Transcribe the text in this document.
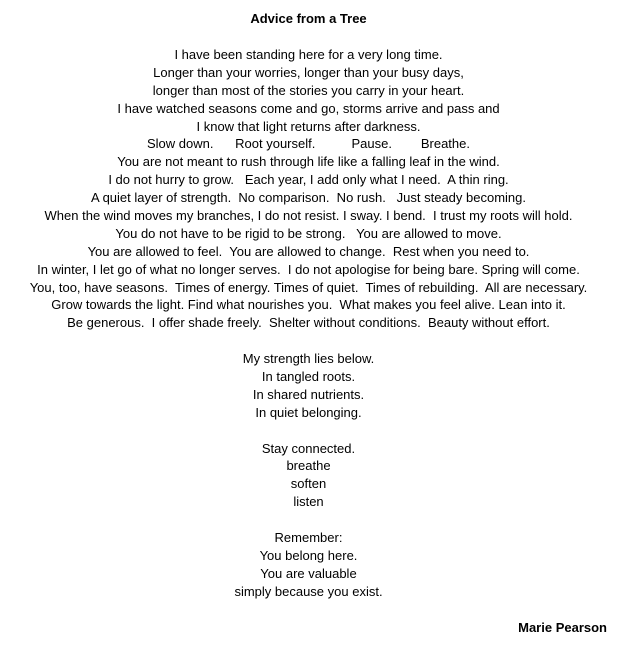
Advice from a Tree
I have been standing here for a very long time.
Longer than your worries, longer than your busy days,
longer than most of the stories you carry in your heart.
I have watched seasons come and go, storms arrive and pass and
I know that light returns after darkness.
Slow down.      Root yourself.          Pause.        Breathe.
You are not meant to rush through life like a falling leaf in the wind.
I do not hurry to grow.   Each year, I add only what I need.  A thin ring.
A quiet layer of strength.  No comparison.  No rush.   Just steady becoming.
When the wind moves my branches, I do not resist. I sway. I bend.  I trust my roots will hold.
You do not have to be rigid to be strong.   You are allowed to move.
You are allowed to feel.  You are allowed to change.  Rest when you need to.
In winter, I let go of what no longer serves.  I do not apologise for being bare. Spring will come.
You, too, have seasons.  Times of energy. Times of quiet.  Times of rebuilding.  All are necessary.
Grow towards the light. Find what nourishes you.  What makes you feel alive. Lean into it.
Be generous.  I offer shade freely.  Shelter without conditions.  Beauty without effort.
My strength lies below.
In tangled roots.
In shared nutrients.
In quiet belonging.
Stay connected.
breathe
soften
listen
Remember:
You belong here.
You are valuable
simply because you exist.
Marie Pearson
